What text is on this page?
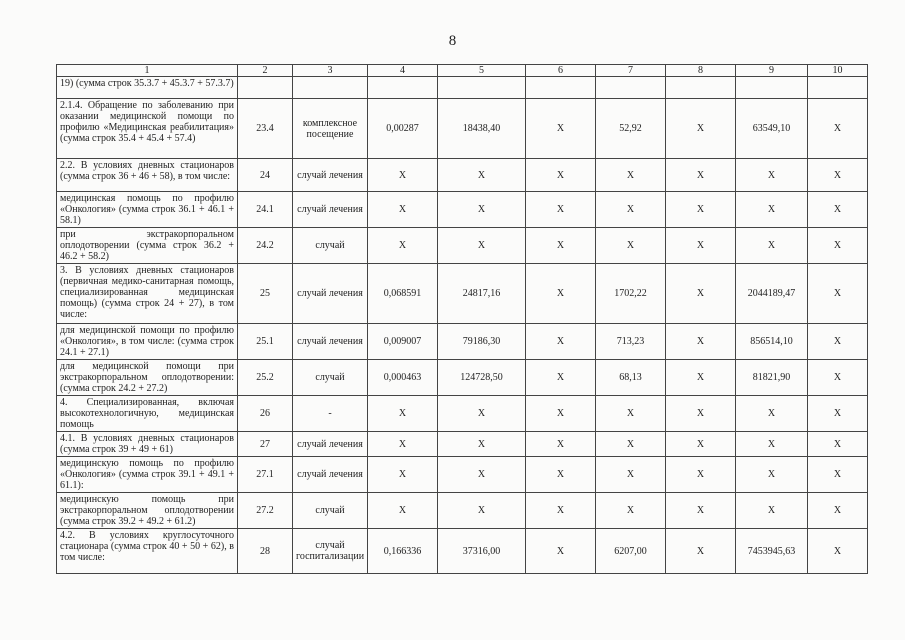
8
1	2	3	4	5	6	7	8	9	10
19) (сумма строк 35.3.7 + 45.3.7 + 57.3.7)									
2.1.4. Обращение по заболеванию при оказании медицинской помощи по профилю «Медицинская реабилитация» (сумма строк 35.4 + 45.4 + 57.4)	23.4	комплексное посещение	0,00287	18438,40	X	52,92	X	63549,10	X
2.2. В условиях дневных стационаров (сумма строк 36 + 46 + 58), в том числе:	24	случай лечения	X	X	X	X	X	X	X
медицинская помощь по профилю «Онкология» (сумма строк 36.1 + 46.1 + 58.1)	24.1	случай лечения	X	X	X	X	X	X	X
при экстракорпоральном оплодотворении (сумма строк 36.2 + 46.2 + 58.2)	24.2	случай	X	X	X	X	X	X	X
3. В условиях дневных стационаров (первичная медико-санитарная помощь, специализированная медицинская помощь) (сумма строк 24 + 27), в том числе:	25	случай лечения	0,068591	24817,16	X	1702,22	X	2044189,47	X
для медицинской помощи по профилю «Онкология», в том числе: (сумма строк 24.1 + 27.1)	25.1	случай лечения	0,009007	79186,30	X	713,23	X	856514,10	X
для медицинской помощи при экстракорпоральном оплодотворении: (сумма строк 24.2 + 27.2)	25.2	случай	0,000463	124728,50	X	68,13	X	81821,90	X
4. Специализированная, включая высокотехнологичную, медицинская помощь	26	-	X	X	X	X	X	X	X
4.1. В условиях дневных стационаров (сумма строк 39 + 49 + 61)	27	случай лечения	X	X	X	X	X	X	X
медицинскую помощь по профилю «Онкология» (сумма строк 39.1 + 49.1 + 61.1):	27.1	случай лечения	X	X	X	X	X	X	X
медицинскую помощь при экстракорпоральном оплодотворении (сумма строк 39.2 + 49.2 + 61.2)	27.2	случай	X	X	X	X	X	X	X
4.2. В условиях круглосуточного стационара (сумма строк 40 + 50 + 62), в том числе:	28	случай госпитализации	0,166336	37316,00	X	6207,00	X	7453945,63	X
